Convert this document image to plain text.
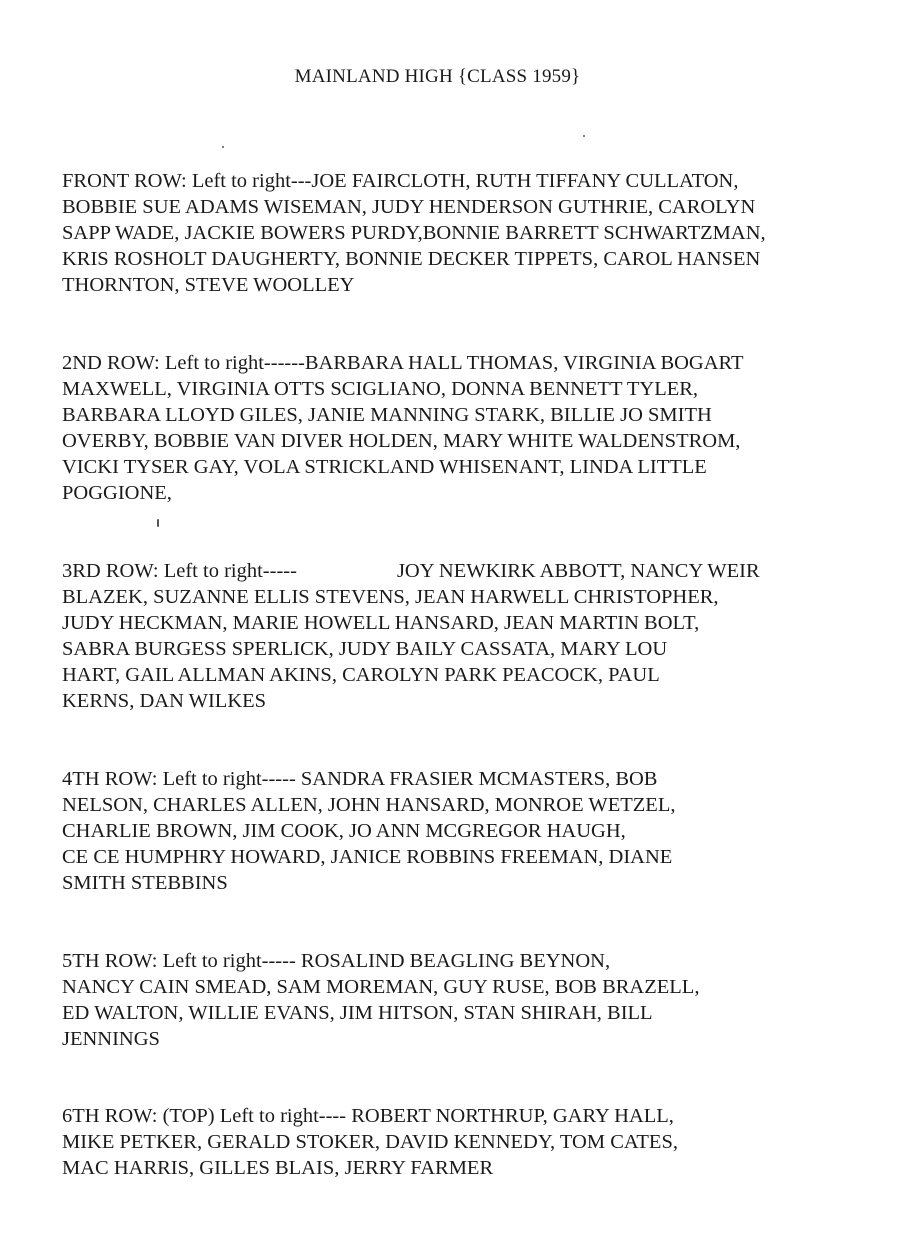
MAINLAND HIGH {CLASS 1959}
FRONT ROW: Left to right---JOE FAIRCLOTH, RUTH TIFFANY CULLATON,
BOBBIE SUE ADAMS WISEMAN, JUDY HENDERSON GUTHRIE, CAROLYN
SAPP WADE, JACKIE BOWERS PURDY,BONNIE BARRETT SCHWARTZMAN,
KRIS ROSHOLT DAUGHERTY, BONNIE DECKER TIPPETS, CAROL HANSEN
THORNTON, STEVE WOOLLEY
2ND ROW: Left to right------BARBARA HALL THOMAS, VIRGINIA BOGART
MAXWELL, VIRGINIA OTTS SCIGLIANO, DONNA BENNETT TYLER,
BARBARA LLOYD GILES, JANIE MANNING STARK, BILLIE JO SMITH
OVERBY, BOBBIE VAN DIVER HOLDEN, MARY WHITE WALDENSTROM,
VICKI TYSER GAY, VOLA STRICKLAND WHISENANT, LINDA LITTLE
POGGIONE,
3RD ROW: Left to right-----	JOY NEWKIRK ABBOTT, NANCY WEIR
BLAZEK, SUZANNE ELLIS STEVENS, JEAN HARWELL CHRISTOPHER,
JUDY HECKMAN, MARIE HOWELL HANSARD, JEAN MARTIN BOLT,
SABRA BURGESS SPERLICK, JUDY BAILY CASSATA, MARY LOU
HART, GAIL ALLMAN AKINS, CAROLYN PARK PEACOCK, PAUL
KERNS, DAN WILKES
4TH ROW: Left to right----- SANDRA FRASIER MCMASTERS, BOB
NELSON, CHARLES ALLEN, JOHN HANSARD, MONROE WETZEL,
CHARLIE BROWN, JIM COOK, JO ANN MCGREGOR HAUGH,
CE CE HUMPHRY HOWARD, JANICE ROBBINS FREEMAN, DIANE
SMITH STEBBINS
5TH ROW: Left to right----- ROSALIND BEAGLING BEYNON,
NANCY CAIN SMEAD, SAM MOREMAN, GUY RUSE, BOB BRAZELL,
ED WALTON, WILLIE EVANS, JIM HITSON, STAN SHIRAH, BILL
JENNINGS
6TH ROW: (TOP) Left to right---- ROBERT NORTHRUP, GARY HALL,
MIKE PETKER, GERALD STOKER, DAVID KENNEDY, TOM CATES,
MAC HARRIS, GILLES BLAIS, JERRY FARMER
